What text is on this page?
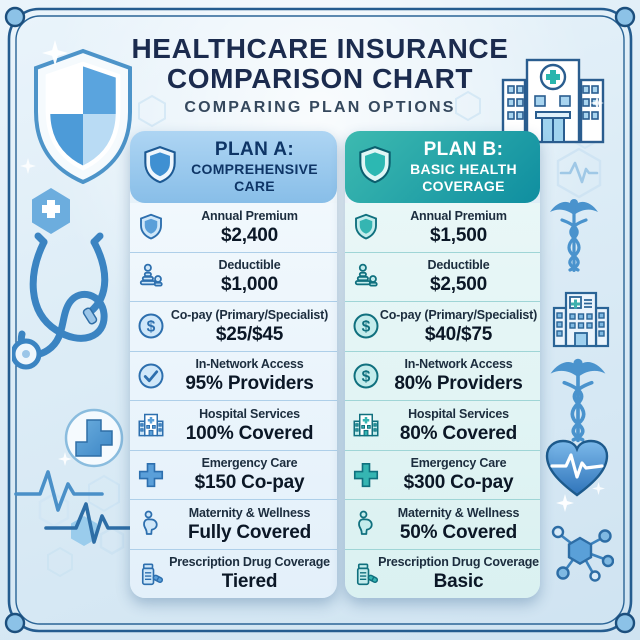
HEALTHCARE INSURANCE
COMPARISON CHART
COMPARING PLAN OPTIONS
PLAN A:
COMPREHENSIVE
CARE
Annual Premium
$2,400
Deductible
$1,000
$
Co-pay (Primary/Specialist)
$25/$45
In-Network Access
95% Providers
Hospital Services
100% Covered
Emergency Care
$150 Co-pay
Maternity & Wellness
Fully Covered
Prescription Drug Coverage
Tiered
PLAN B:
BASIC HEALTH
COVERAGE
Annual Premium
$1,500
Deductible
$2,500
$
Co-pay (Primary/Specialist)
$40/$75
$
In-Network Access
80% Providers
Hospital Services
80% Covered
Emergency Care
$300 Co-pay
Maternity & Wellness
50% Covered
Prescription Drug Coverage
Basic
